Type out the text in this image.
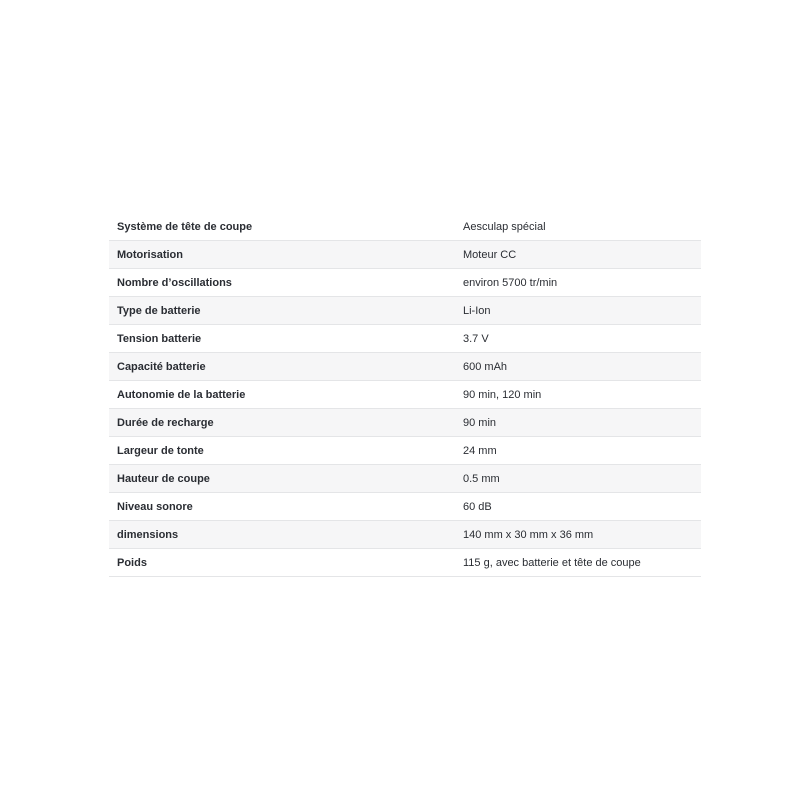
Système de tête de coupe	Aesculap spécial
Motorisation	Moteur CC
Nombre d’oscillations	environ 5700 tr/min
Type de batterie	Li-Ion
Tension batterie	3.7 V
Capacité batterie	600 mAh
Autonomie de la batterie	90 min, 120 min
Durée de recharge	90 min
Largeur de tonte	24 mm
Hauteur de coupe	0.5 mm
Niveau sonore	60 dB
dimensions	140 mm x 30 mm x 36 mm
Poids	115 g, avec batterie et tête de coupe
